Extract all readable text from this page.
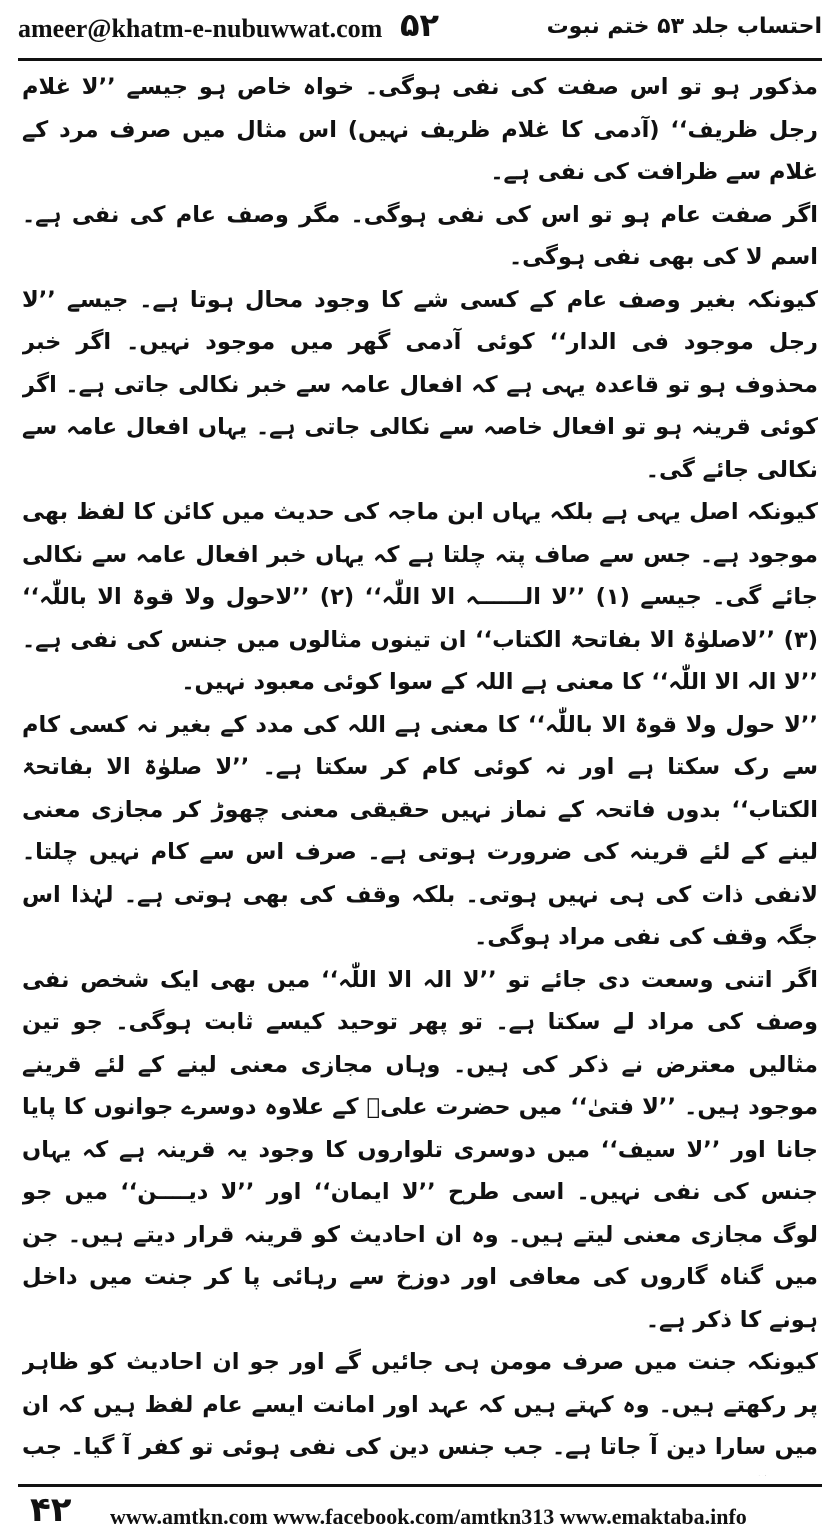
ameer@khatm-e-nubuwwat.com ۵۲	احتساب جلد ۵۳ ختم نبوت

مذکور ہو تو اس صفت کی نفی ہوگی۔ خواہ خاص ہو جیسے ’’لا غلام رجل ظریف‘‘ (آدمی کا غلام ظریف نہیں) اس مثال میں صرف مرد کے غلام سے ظرافت کی نفی ہے۔

اگر صفت عام ہو تو اس کی نفی ہوگی۔ مگر وصف عام کی نفی ہے۔ اسم لا کی بھی نفی ہوگی۔

کیونکہ بغیر وصف عام کے کسی شے کا وجود محال ہوتا ہے۔ جیسے ’’لا رجل موجود فی الدار‘‘ کوئی آدمی گھر میں موجود نہیں۔ اگر خبر محذوف ہو تو قاعدہ یہی ہے کہ افعال عامہ سے خبر نکالی جاتی ہے۔ اگر کوئی قرینہ ہو تو افعال خاصہ سے نکالی جاتی ہے۔ یہاں افعال عامہ سے نکالی جائے گی۔

کیونکہ اصل یہی ہے بلکہ یہاں ابن ماجہ کی حدیث میں کائن کا لفظ بھی موجود ہے۔ جس سے صاف پتہ چلتا ہے کہ یہاں خبر افعال عامہ سے نکالی جائے گی۔ جیسے (۱) ’’لا الــــــہ الا اللّٰہ‘‘ (۲) ’’لاحول ولا قوۃ الا باللّٰہ‘‘ (۳) ’’لاصلوٰۃ الا بفاتحۃ الکتاب‘‘ ان تینوں مثالوں میں جنس کی نفی ہے۔ ’’لا الہ الا اللّٰہ‘‘ کا معنی ہے اللہ کے سوا کوئی معبود نہیں۔

’’لا حول ولا قوۃ الا باللّٰہ‘‘ کا معنی ہے اللہ کی مدد کے بغیر نہ کسی کام سے رک سکتا ہے اور نہ کوئی کام کر سکتا ہے۔ ’’لا صلوٰۃ الا بفاتحۃ الکتاب‘‘ بدوں فاتحہ کے نماز نہیں حقیقی معنی چھوڑ کر مجازی معنی لینے کے لئے قرینہ کی ضرورت ہوتی ہے۔ صرف اس سے کام نہیں چلتا۔ لانفی ذات کی ہی نہیں ہوتی۔ بلکہ وقف کی بھی ہوتی ہے۔ لہٰذا اس جگہ وقف کی نفی مراد ہوگی۔

اگر اتنی وسعت دی جائے تو ’’لا الہ الا اللّٰہ‘‘ میں بھی ایک شخص نفی وصف کی مراد لے سکتا ہے۔ تو پھر توحید کیسے ثابت ہوگی۔ جو تین مثالیں معترض نے ذکر کی ہیں۔ وہاں مجازی معنی لینے کے لئے قرینے موجود ہیں۔ ’’لا فتیٰ‘‘ میں حضرت علیؓ کے علاوہ دوسرے جوانوں کا پایا جانا اور ’’لا سیف‘‘ میں دوسری تلواروں کا وجود یہ قرینہ ہے کہ یہاں جنس کی نفی نہیں۔ اسی طرح ’’لا ایمان‘‘ اور ’’لا دیــــن‘‘ میں جو لوگ مجازی معنی لیتے ہیں۔ وہ ان احادیث کو قرینہ قرار دیتے ہیں۔ جن میں گناہ گاروں کی معافی اور دوزخ سے رہائی پا کر جنت میں داخل ہونے کا ذکر ہے۔

کیونکہ جنت میں صرف مومن ہی جائیں گے اور جو ان احادیث کو ظاہر پر رکھتے ہیں۔ وہ کہتے ہیں کہ عہد اور امانت ایسے عام لفظ ہیں کہ ان میں سارا دین آ جاتا ہے۔ جب جنس دین کی نفی ہوئی تو کفر آ گیا۔ جب

۴۲ www.amtkn.com www.facebook.com/amtkn313 www.emaktaba.info
